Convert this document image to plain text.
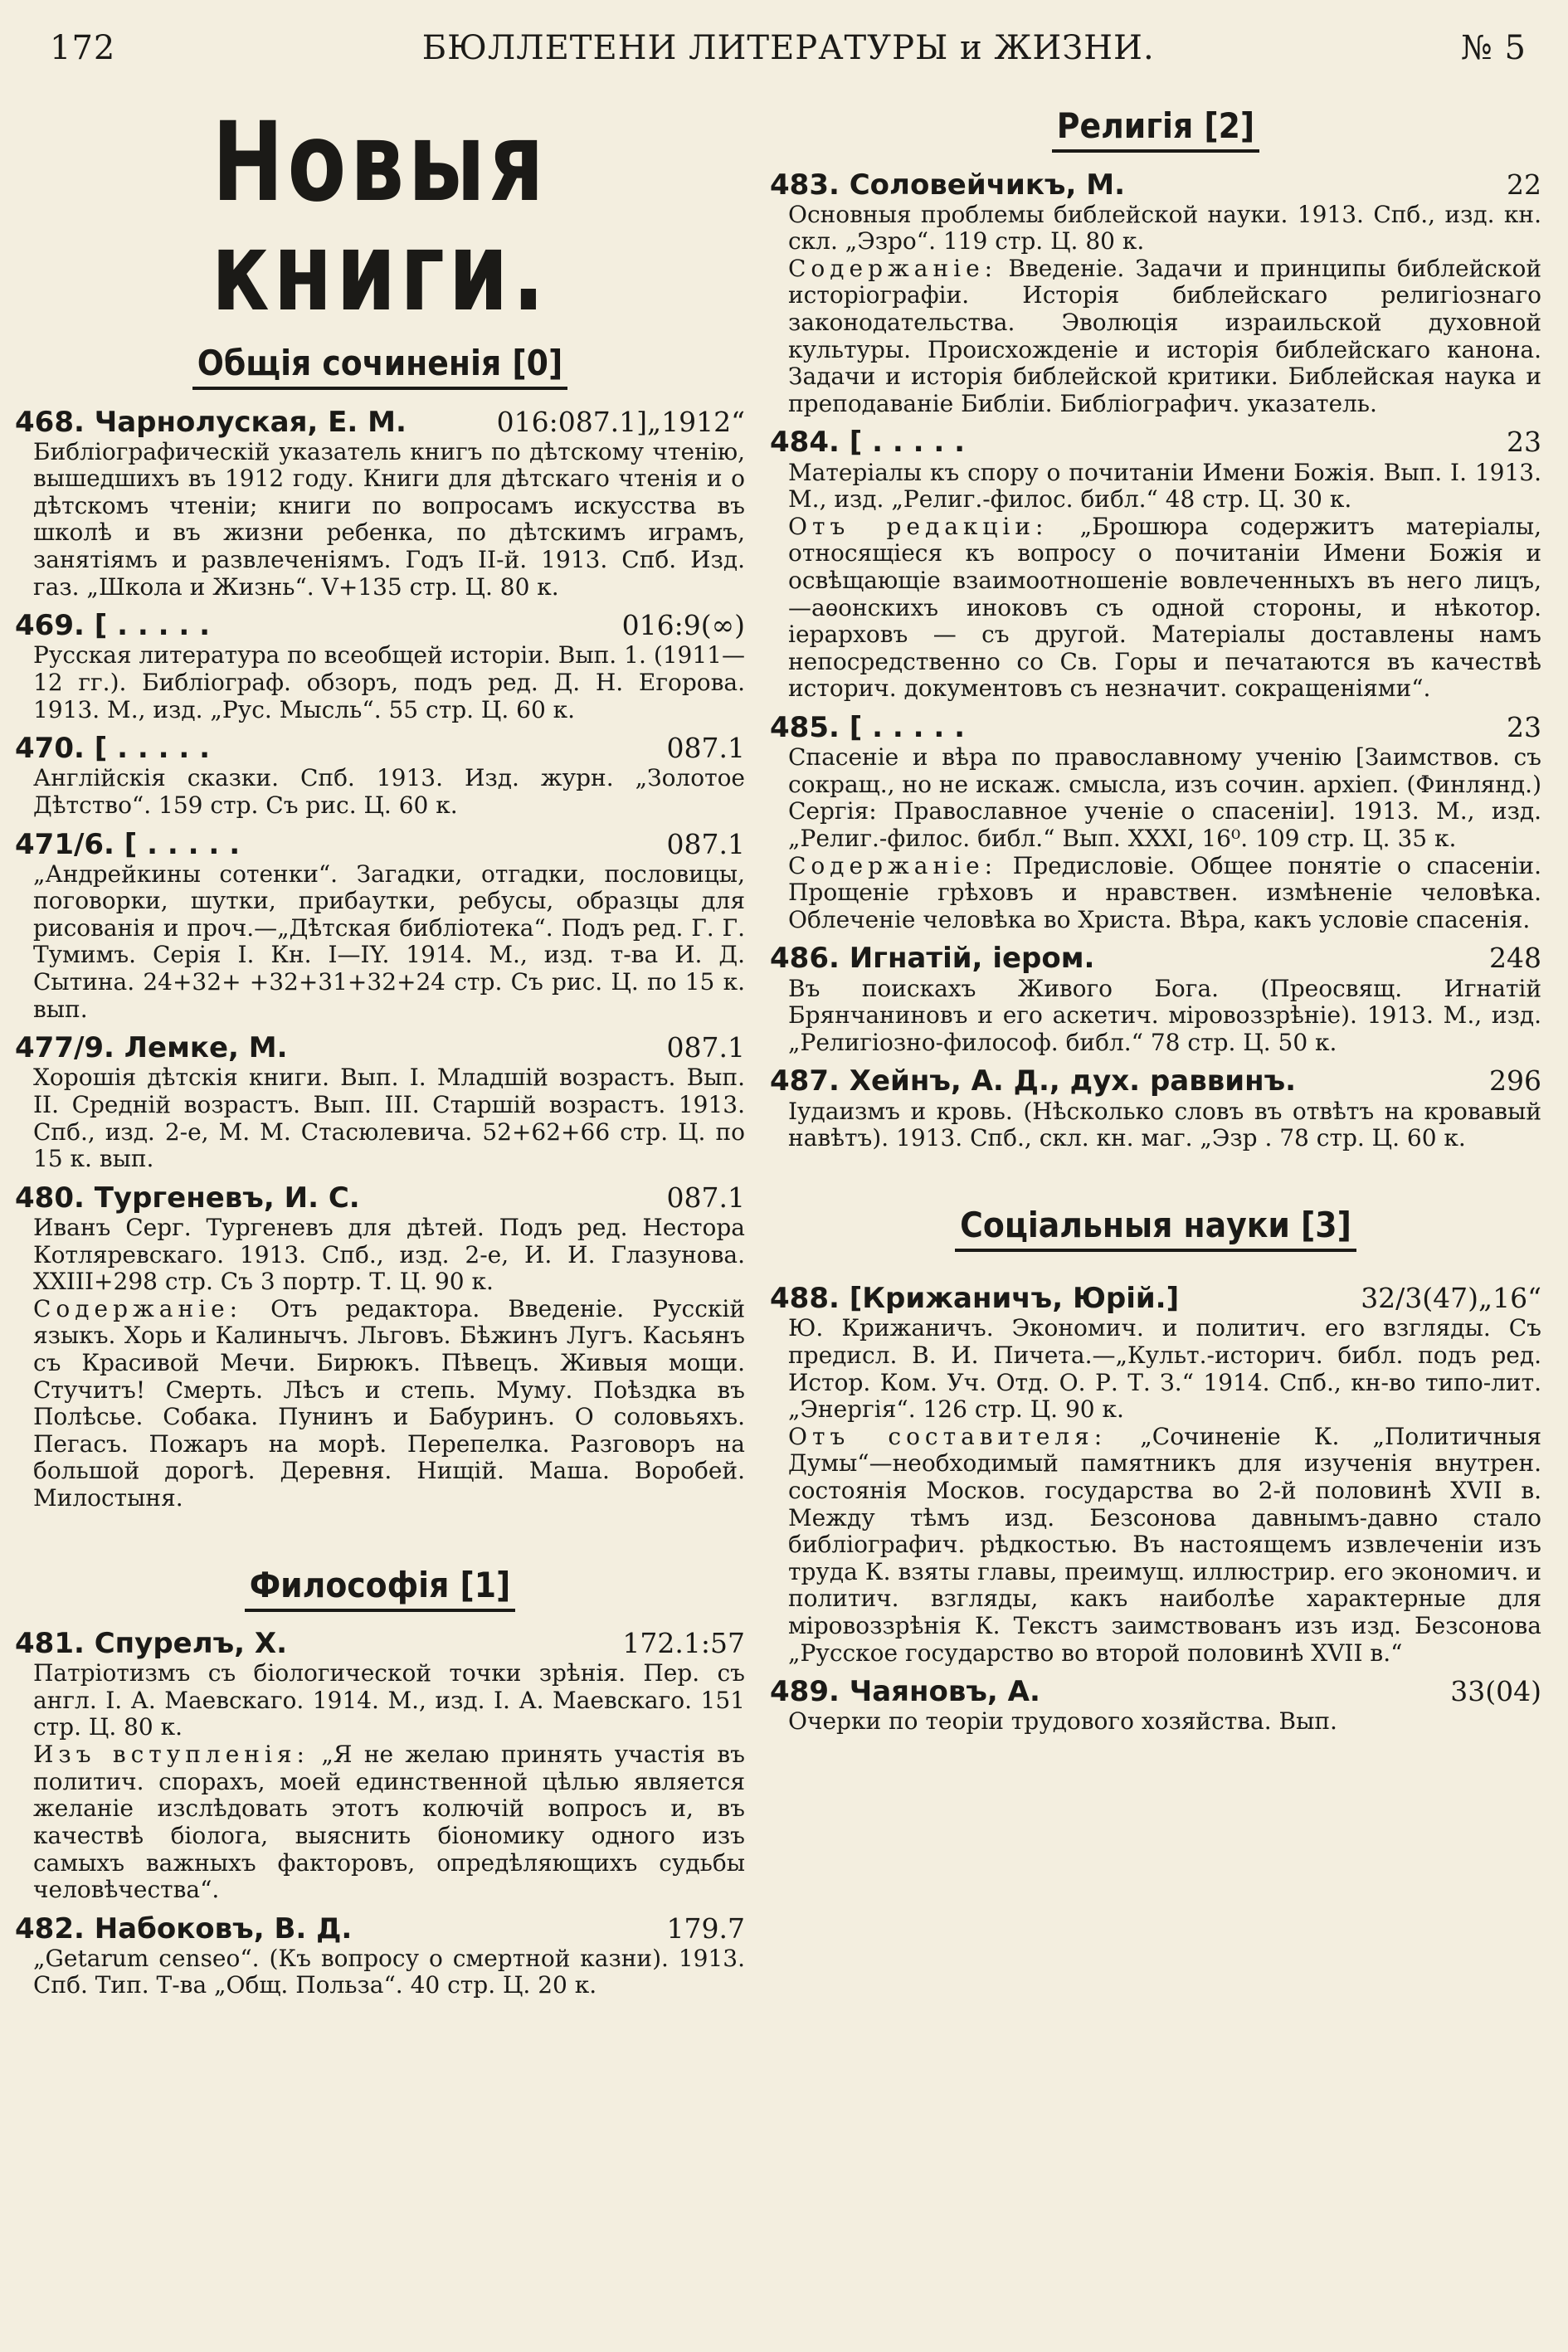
172	БЮЛЛЕТЕНИ ЛИТЕРАТУРЫ и ЖИЗНИ.	№ 5
Новыя книги.
Общія сочиненія [0]
468. Чарнолуская, Е. М.	016:087.1]„1912“
Библіографическій указатель книгъ по дѣтскому чтенію, вышедшихъ въ 1912 году. Книги для дѣтскаго чтенія и о дѣтскомъ чтеніи; книги по вопросамъ искусства въ школѣ и въ жизни ребенка, по дѣтскимъ играмъ, занятіямъ и развлеченіямъ. Годъ II-й. 1913. Спб. Изд. газ. „Школа и Жизнь“. V+135 стр. Ц. 80 к.
469. [ . . . . .	016:9(∞)
Русская литература по всеобщей исторіи. Вып. 1. (1911—12 гг.). Библіограф. обзоръ, подъ ред. Д. Н. Егорова. 1913. М., изд. „Рус. Мысль“. 55 стр. Ц. 60 к.
470. [ . . . . .	087.1
Англійскія сказки. Спб. 1913. Изд. журн. „Золотое Дѣтство“. 159 стр. Съ рис. Ц. 60 к.
471/6. [ . . . . .	087.1
„Андрейкины сотенки“. Загадки, отгадки, пословицы, поговорки, шутки, прибаутки, ребусы, образцы для рисованія и проч.—„Дѣтская библіотека“. Подъ ред. Г. Г. Тумимъ. Серія I. Кн. I—IY. 1914. М., изд. т-ва И. Д. Сытина. 24+32+ +32+31+32+24 стр. Съ рис. Ц. по 15 к. вып.
477/9. Лемке, М.	087.1
Хорошія дѣтскія книги. Вып. I. Младшій возрастъ. Вып. II. Средній возрастъ. Вып. III. Старшій возрастъ. 1913. Спб., изд. 2-е, М. М. Стасюлевича. 52+62+66 стр. Ц. по 15 к. вып.
480. Тургеневъ, И. С.	087.1

Иванъ Серг. Тургеневъ для дѣтей. Подъ ред. Нестора Котляревскаго. 1913. Спб., изд. 2-е, И. И. Глазунова. XXIII+298 стр. Съ 3 портр. Т. Ц. 90 к.

Содержаніе: Отъ редактора. Введеніе. Русскій языкъ. Хорь и Калинычъ. Льговъ. Бѣжинъ Лугъ. Касьянъ съ Красивой Мечи. Бирюкъ. Пѣвецъ. Живыя мощи. Стучитъ! Смерть. Лѣсъ и степь. Муму. Поѣздка въ Полѣсье. Собака. Пунинъ и Бабуринъ. О соловьяхъ. Пегасъ. Пожаръ на морѣ. Перепелка. Разговоръ на большой дорогѣ. Деревня. Нищій. Маша. Воробей. Милостыня.

Философія [1]
481. Спурелъ, Х.	172.1:57

Патріотизмъ съ біологической точки зрѣнія. Пер. съ англ. I. А. Маевскаго. 1914. М., изд. I. А. Маевскаго. 151 стр. Ц. 80 к.

Изъ вступленія: „Я не желаю принять участія въ политич. спорахъ, моей единственной цѣлью является желаніе изслѣдовать этотъ колючій вопросъ и, въ качествѣ біолога, выяснить біономику одного изъ самыхъ важныхъ факторовъ, опредѣляющихъ судьбы человѣчества“.

482. Набоковъ, В. Д.	179.7
„Getarum censeo“. (Къ вопросу о смертной казни). 1913. Спб. Тип. Т-ва „Общ. Польза“. 40 стр. Ц. 20 к.
Религія [2]
483. Соловейчикъ, М.	22

Основныя проблемы библейской науки. 1913. Спб., изд. кн. скл. „Эзро“. 119 стр. Ц. 80 к.

Содержаніе: Введеніе. Задачи и принципы библейской исторіографіи. Исторія библейскаго религіознаго законодательства. Эволюція израильской духовной культуры. Происхожденіе и исторія библейскаго канона. Задачи и исторія библейской критики. Библейская наука и преподаваніе Библіи. Библіографич. указатель.

484. [ . . . . .	23

Матеріалы къ спору о почитаніи Имени Божія. Вып. I. 1913. М., изд. „Религ.-филос. библ.“ 48 стр. Ц. 30 к.

Отъ редакціи: „Брошюра содержитъ матеріалы, относящіеся къ вопросу о почитаніи Имени Божія и освѣщающіе взаимоотношеніе вовлеченныхъ въ него лицъ,—аѳонскихъ иноковъ съ одной стороны, и нѣкотор. іерарховъ — съ другой. Матеріалы доставлены намъ непосредственно со Св. Горы и печатаются въ качествѣ историч. документовъ съ незначит. сокращеніями“.

485. [ . . . . .	23

Спасеніе и вѣра по православному ученію [Заимствов. съ сокращ., но не искаж. смысла, изъ сочин. архіеп. (Финлянд.) Сергія: Православное ученіе о спасеніи]. 1913. М., изд. „Религ.-филос. библ.“ Вып. XXXI, 16⁰. 109 стр. Ц. 35 к.

Содержаніе: Предисловіе. Общее понятіе о спасеніи. Прощеніе грѣховъ и нравствен. измѣненіе человѣка. Облеченіе человѣка во Христа. Вѣра, какъ условіе спасенія.

486. Игнатій, іером.	248
Въ поискахъ Живого Бога. (Преосвящ. Игнатій Брянчаниновъ и его аскетич. міровоззрѣніе). 1913. М., изд. „Религіозно-философ. библ.“ 78 стр. Ц. 50 к.
487. Хейнъ, А. Д., дух. раввинъ.	296
Іудаизмъ и кровь. (Нѣсколько словъ въ отвѣтъ на кровавый навѣтъ). 1913. Спб., скл. кн. маг. „Эзр . 78 стр. Ц. 60 к.
Соціальныя науки [3]
488. [Крижаничъ, Юрій.]	32/3(47)„16“

Ю. Крижаничъ. Экономич. и политич. его взгляды. Съ предисл. В. И. Пичета.—„Культ.-историч. библ. подъ ред. Истор. Ком. Уч. Отд. О. Р. Т. З.“ 1914. Спб., кн-во типо-лит. „Энергія“. 126 стр. Ц. 90 к.

Отъ составителя: „Сочиненіе К. „Политичныя Думы“—необходимый памятникъ для изученія внутрен. состоянія Москов. государства во 2-й половинѣ XVII в. Между тѣмъ изд. Безсонова давнымъ-давно стало библіографич. рѣдкостью. Въ настоящемъ извлеченіи изъ труда К. взяты главы, преимущ. иллюстрир. его экономич. и политич. взгляды, какъ наиболѣе характерные для міровоззрѣнія К. Текстъ заимствованъ изъ изд. Безсонова „Русское государство во второй половинѣ XVII в.“

489. Чаяновъ, А.	33(04)
Очерки по теоріи трудового хозяйства. Вып.
